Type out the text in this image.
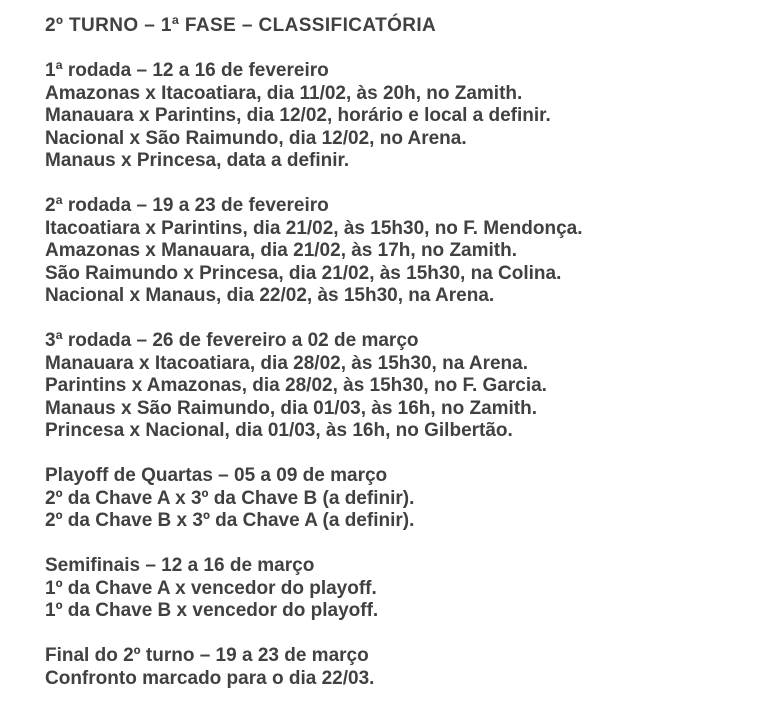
2º TURNO – 1ª FASE – CLASSIFICATÓRIA
1ª rodada – 12 a 16 de fevereiro

Amazonas x Itacoatiara, dia 11/02, às 20h, no Zamith.

Manauara x Parintins, dia 12/02, horário e local a definir.

Nacional x São Raimundo, dia 12/02, no Arena.

Manaus x Princesa, data a definir.

2ª rodada – 19 a 23 de fevereiro

Itacoatiara x Parintins, dia 21/02, às 15h30, no F. Mendonça.

Amazonas x Manauara, dia 21/02, às 17h, no Zamith.

São Raimundo x Princesa, dia 21/02, às 15h30, na Colina.

Nacional x Manaus, dia 22/02, às 15h30, na Arena.

3ª rodada – 26 de fevereiro a 02 de março

Manauara x Itacoatiara, dia 28/02, às 15h30, na Arena.

Parintins x Amazonas, dia 28/02, às 15h30, no F. Garcia.

Manaus x São Raimundo, dia 01/03, às 16h, no Zamith.

Princesa x Nacional, dia 01/03, às 16h, no Gilbertão.

Playoff de Quartas – 05 a 09 de março

2º da Chave A x 3º da Chave B (a definir).

2º da Chave B x 3º da Chave A (a definir).

Semifinais – 12 a 16 de março

1º da Chave A x vencedor do playoff.

1º da Chave B x vencedor do playoff.

Final do 2º turno – 19 a 23 de março

Confronto marcado para o dia 22/03.
